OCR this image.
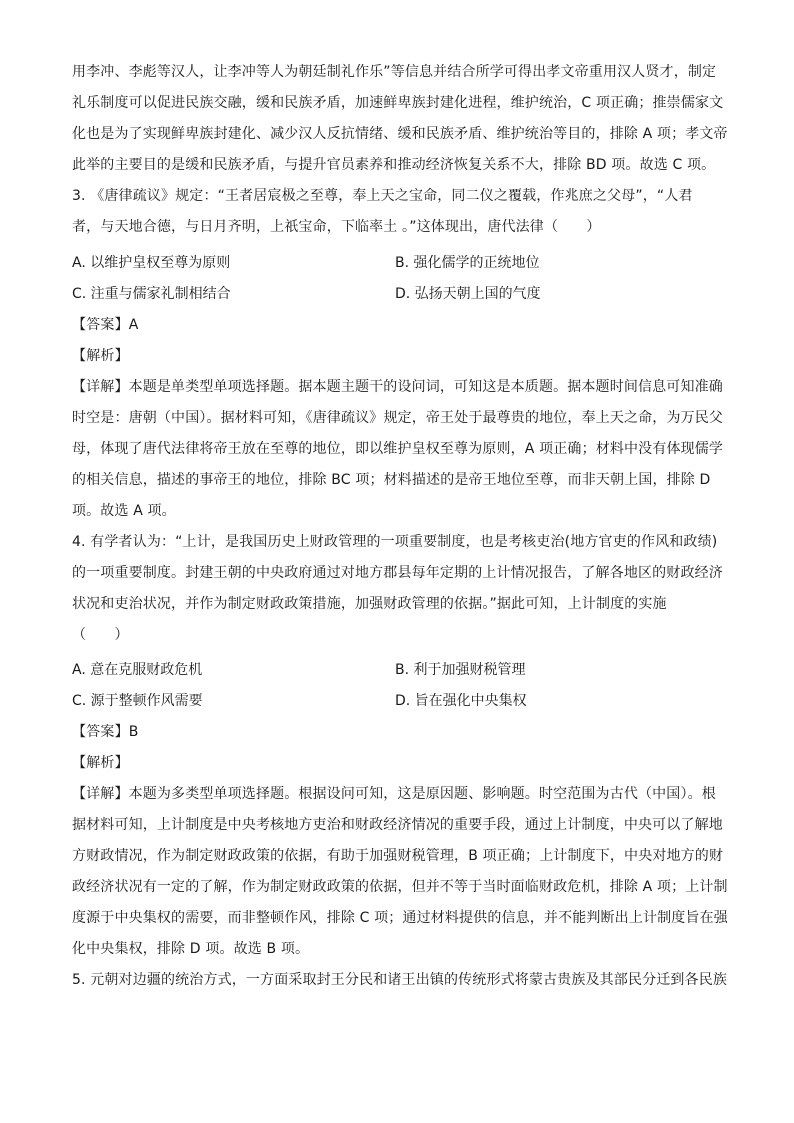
用李冲、李彪等汉人，让李冲等人为朝廷制礼作乐”等信息并结合所学可得出孝文帝重用汉人贤才，制定
礼乐制度可以促进民族交融，缓和民族矛盾，加速鲜卑族封建化进程，维护统治，C 项正确；推崇儒家文
化也是为了实现鲜卑族封建化、减少汉人反抗情绪、缓和民族矛盾、维护统治等目的，排除 A 项；孝文帝
此举的主要目的是缓和民族矛盾，与提升官员素养和推动经济恢复关系不大，排除 BD 项。故选 C 项。
3. 《唐律疏议》规定：“王者居宸极之至尊，奉上天之宝命，同二仪之覆载，作兆庶之父母”，“人君
者，与天地合德，与日月齐明，上祇宝命，下临率土 。”这体现出，唐代法律（　　）
A. 以维护皇权至尊为原则	B. 强化儒学的正统地位
C. 注重与儒家礼制相结合	D. 弘扬天朝上国的气度
【答案】A
【解析】
【详解】本题是单类型单项选择题。据本题主题干的设问词，可知这是本质题。据本题时间信息可知准确
时空是：唐朝（中国）。据材料可知，《唐律疏议》规定，帝王处于最尊贵的地位，奉上天之命，为万民父
母，体现了唐代法律将帝王放在至尊的地位，即以维护皇权至尊为原则，A 项正确；材料中没有体现儒学
的相关信息，描述的事帝王的地位，排除 BC 项；材料描述的是帝王地位至尊，而非天朝上国，排除 D
项。故选 A 项。
4. 有学者认为：“上计，是我国历史上财政管理的一项重要制度，也是考核吏治(地方官吏的作风和政绩)
的一项重要制度。封建王朝的中央政府通过对地方郡县每年定期的上计情况报告，了解各地区的财政经济
状况和吏治状况，并作为制定财政政策措施，加强财政管理的依据。”据此可知，上计制度的实施
（　　）
A. 意在克服财政危机	B. 利于加强财税管理
C. 源于整顿作风需要	D. 旨在强化中央集权
【答案】B
【解析】
【详解】本题为多类型单项选择题。根据设问可知，这是原因题、影响题。时空范围为古代（中国）。根
据材料可知，上计制度是中央考核地方吏治和财政经济情况的重要手段，通过上计制度，中央可以了解地
方财政情况，作为制定财政政策的依据，有助于加强财税管理，B 项正确；上计制度下，中央对地方的财
政经济状况有一定的了解，作为制定财政政策的依据，但并不等于当时面临财政危机，排除 A 项；上计制
度源于中央集权的需要，而非整顿作风，排除 C 项；通过材料提供的信息，并不能判断出上计制度旨在强
化中央集权，排除 D 项。故选 B 项。
5. 元朝对边疆的统治方式，一方面采取封王分民和诸王出镇的传统形式将蒙古贵族及其部民分迁到各民族
